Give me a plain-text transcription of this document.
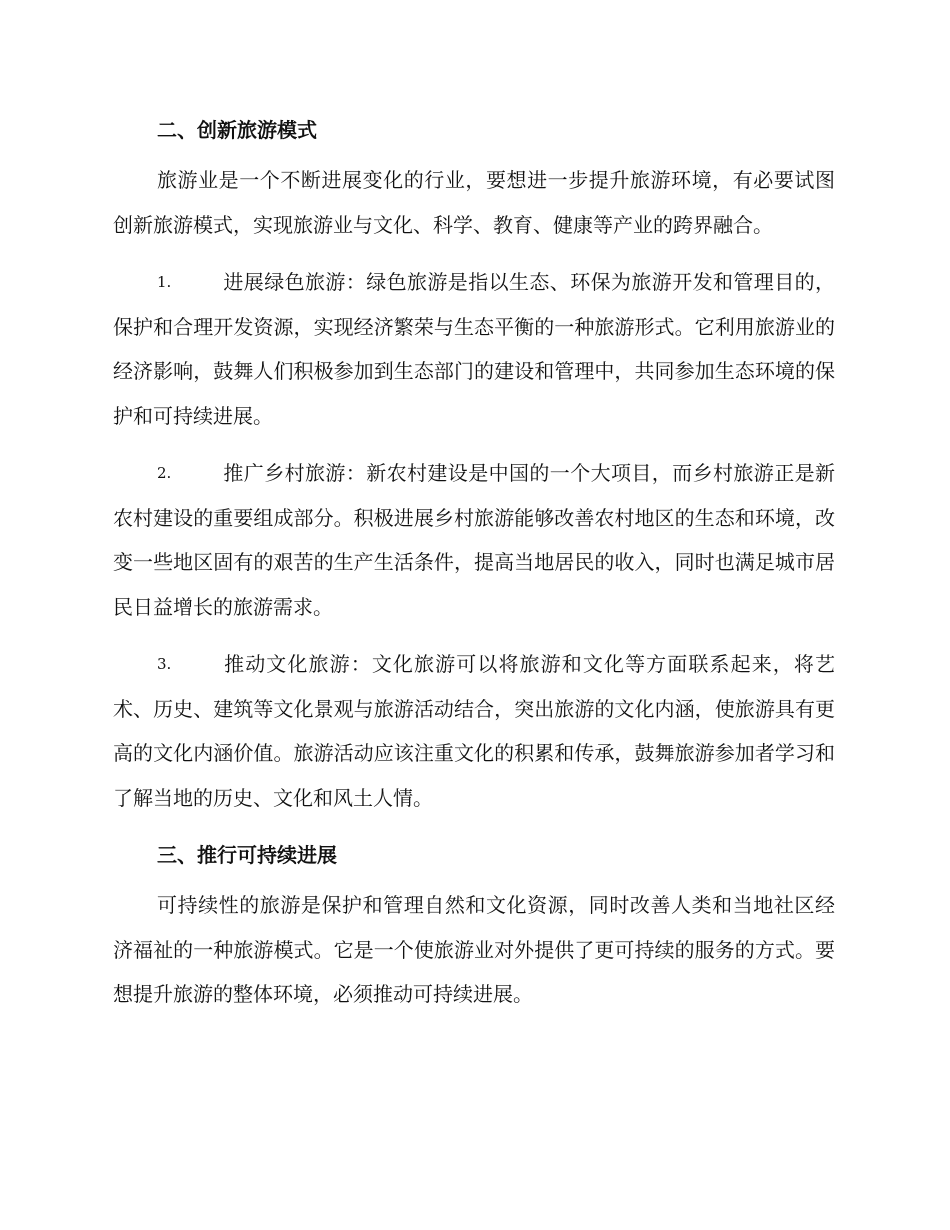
二、创新旅游模式

旅游业是一个不断进展变化的行业，要想进一步提升旅游环境，有必要试图创新旅游模式，实现旅游业与文化、科学、教育、健康等产业的跨界融合。

1.	进展绿色旅游：绿色旅游是指以生态、环保为旅游开发和管理目的，保护和合理开发资源，实现经济繁荣与生态平衡的一种旅游形式。它利用旅游业的经济影响，鼓舞人们积极参加到生态部门的建设和管理中，共同参加生态环境的保护和可持续进展。

2.	推广乡村旅游：新农村建设是中国的一个大项目，而乡村旅游正是新农村建设的重要组成部分。积极进展乡村旅游能够改善农村地区的生态和环境，改变一些地区固有的艰苦的生产生活条件，提高当地居民的收入，同时也满足城市居民日益增长的旅游需求。

3.	推动文化旅游：文化旅游可以将旅游和文化等方面联系起来，将艺术、历史、建筑等文化景观与旅游活动结合，突出旅游的文化内涵，使旅游具有更高的文化内涵价值。旅游活动应该注重文化的积累和传承，鼓舞旅游参加者学习和了解当地的历史、文化和风土人情。

三、推行可持续进展

可持续性的旅游是保护和管理自然和文化资源，同时改善人类和当地社区经济福祉的一种旅游模式。它是一个使旅游业对外提供了更可持续的服务的方式。要想提升旅游的整体环境，必须推动可持续进展。
